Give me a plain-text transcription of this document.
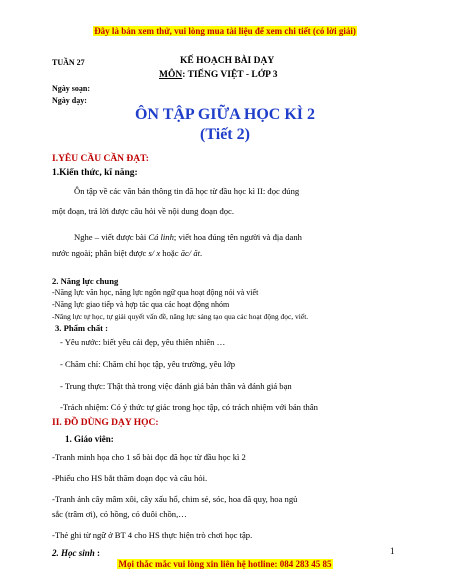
Đây là bản xem thử, vui lòng mua tài liệu để xem chi tiết (có lời giải)
TUẦN 27	KẾ HOẠCH BÀI DẠY
MÔN: TIẾNG VIỆT - LỚP 3
Ngày soạn:
Ngày dạy:
ÔN TẬP GIỮA HỌC KÌ 2
(Tiết 2)
I.YÊU CẦU CẦN ĐẠT:
1.Kiến thức, kĩ năng:
Ôn tập về các văn bản thông tin đã học từ đầu học kì II: đọc đúng
một đoạn, trả lời được câu hỏi về nội dung đoạn đọc.
Nghe – viết được bài Cá linh; viết hoa đúng tên người và địa danh
nước ngoài; phân biệt được s/ x hoặc ăc/ ăt.
2. Năng lực chung
-Năng lực văn học, năng lực ngôn ngữ qua hoạt động nói và viết
-Năng lực giao tiếp và hợp tác qua các hoạt động nhóm
-Năng lực tự học, tự giải quyết vấn đề, năng lực sáng tạo qua các hoạt động đọc, viết.
3. Phẩm chất :
- Yêu nước: biết yêu cái đẹp, yêu thiên nhiên …
- Chăm chỉ: Chăm chỉ học tập, yêu trường, yêu lớp
- Trung thực: Thật thà trong việc đánh giá bản thân và đánh giá bạn
-Trách nhiệm: Có ý thức tự giác trong học tập, có trách nhiệm với bản thân
II. ĐỒ DÙNG DẠY HỌC:
1. Giáo viên:
-Tranh minh họa cho 1 số bài đọc đã học từ đầu học kì 2
-Phiếu cho HS bắt thăm đoạn đọc và câu hỏi.
-Tranh ảnh cây mâm xôi, cây xấu hổ, chim sẻ, sóc, hoa đã quy, hoa ngủ
sắc (trâm ơi), cỏ hồng, cỏ đuôi chồn,…
-Thẻ ghi từ ngữ ở BT 4 cho HS thực hiện trò chơi học tập.
2. Học sinh :	1
Mọi thắc mắc vui lòng xin liên hệ hotline: 084 283 45 85
